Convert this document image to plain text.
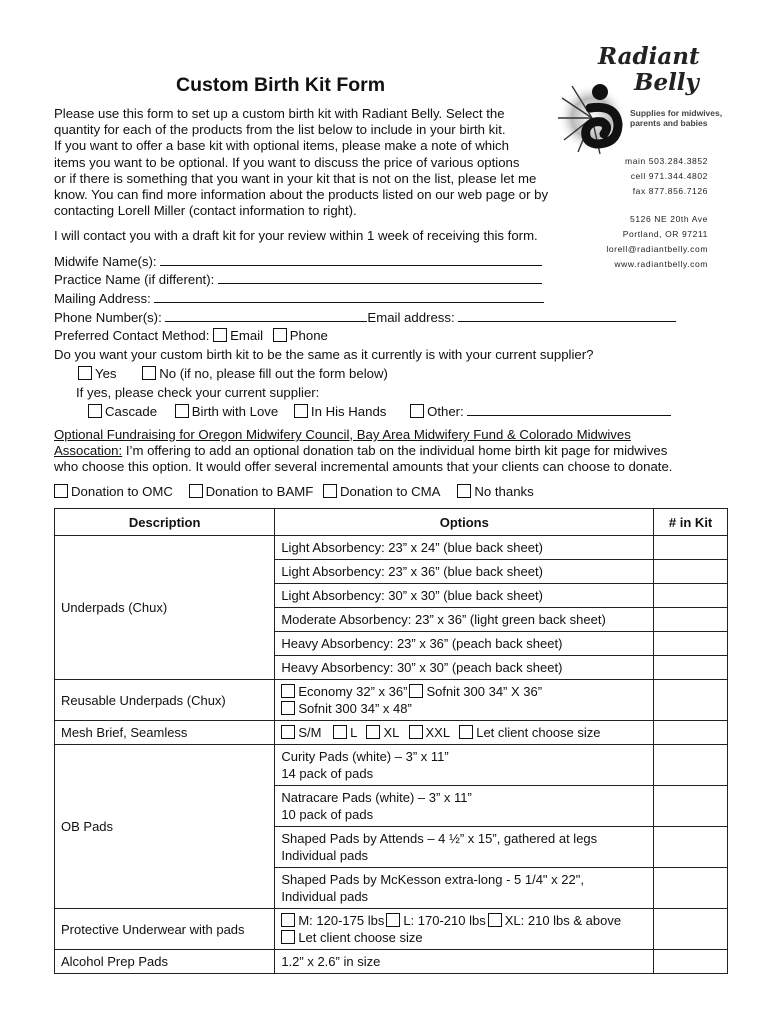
Custom Birth Kit Form
Radiant
Belly
Supplies for midwives,
parents and babies
main 503.284.3852
cell 971.344.4802
fax 877.856.7126
5126 NE 20th Ave
Portland, OR 97211
lorell@radiantbelly.com
www.radiantbelly.com
Please use this form to set up a custom birth kit with Radiant Belly. Select the
quantity for each of the products from the list below to include in your birth kit.
If you want to offer a base kit with optional items, please make a note of which
items you want to be optional. If you want to discuss the price of various options
or if there is something that you want in your kit that is not on the list, please let me
know. You can find more information about the products listed on our web page or by
contacting Lorell Miller (contact information to right).
I will contact you with a draft kit for your review within 1 week of receiving this form.
Midwife Name(s):
Practice Name (if different):
Mailing Address:
Phone Number(s):	Email address:
Preferred Contact Method: Email Phone
Do you want your custom birth kit to be the same as it currently is with your current supplier?
Yes	No (if no, please fill out the form below)
If yes, please check your current supplier:
Cascade	Birth with Love In His Hands	Other:
Optional Fundraising for Oregon Midwifery Council, Bay Area Midwifery Fund & Colorado Midwives
Assocation: I’m offering to add an optional donation tab on the individual home birth kit page for midwives
who choose this option. It would offer several incremental amounts that your clients can choose to donate.
Donation to OMC Donation to BAMF Donation to CMA	No thanks
Description	Options	# in Kit
Underpads (Chux)	Light Absorbency: 23” x 24” (blue back sheet)	
	Light Absorbency: 23” x 36” (blue back sheet)	
	Light Absorbency: 30” x 30” (blue back sheet)	
	Moderate Absorbency: 23” x 36” (light green back sheet)	
	Heavy Absorbency: 23” x 36” (peach back sheet)	
	Heavy Absorbency: 30” x 30” (peach back sheet)	
Reusable Underpads (Chux)	Economy 32” x 36” Sofnit 300 34” X 36”
Sofnit 300 34” x 48”	

Mesh Brief, Seamless	S/M L XL XXL Let client choose size	
OB Pads	Curity Pads (white) – 3” x 11”
14 pack of pads	

	Natracare Pads (white) – 3” x 11”
10 pack of pads	

	Shaped Pads by Attends – 4 ½” x 15”, gathered at legs
Individual pads	

	Shaped Pads by McKesson extra-long - 5 1/4" x 22",
Individual pads	

Protective Underwear with pads	M: 120-175 lbs L: 170-210 lbs XL: 210 lbs & above
Let client choose size	

Alcohol Prep Pads	1.2” x 2.6” in size	
